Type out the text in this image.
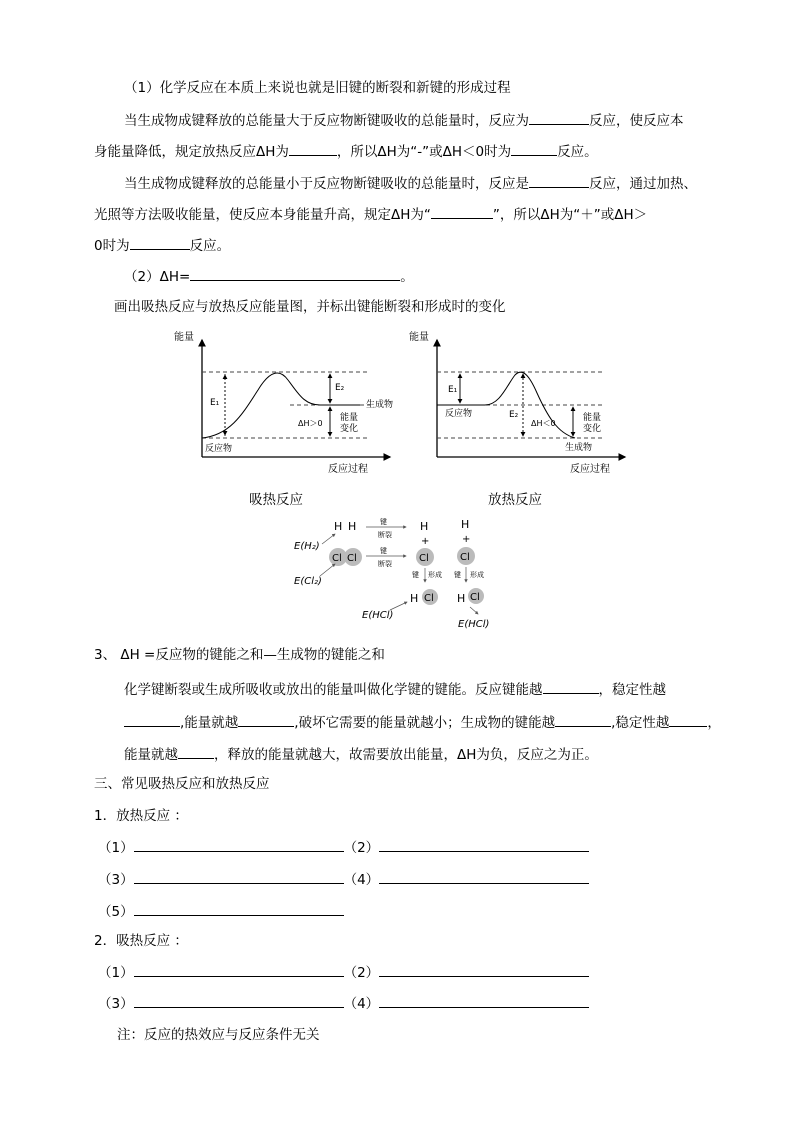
（1）化学反应在本质上来说也就是旧键的断裂和新键的形成过程
当生成物成键释放的总能量大于反应物断键吸收的总能量时，反应为	反应，使反应本
身能量降低，规定放热反应ΔH为	，所以ΔH为“-”或ΔH＜0时为	反应。
当生成物成键释放的总能量小于反应物断键吸收的总能量时，反应是	反应，通过加热、
光照等方法吸收能量，使反应本身能量升高，规定ΔH为“	”，所以ΔH为“＋”或ΔH＞
0时为	反应。
（2）ΔH=	。
画出吸热反应与放热反应能量图，并标出键能断裂和形成时的变化
能量
反应过程
E₁
E₂
生成物
ΔH＞0
能量
变化
反应物
吸热反应
能量
反应过程
E₁
E₂
反应物
ΔH＜0
能量
变化
生成物
放热反应
H H
E(H₂)
Cl Cl
E(Cl₂)
键
断裂
键
断裂
H
+
Cl
键 形成
H Cl
E(HCl)
H
+
Cl
键 形成
H Cl
E(HCl)
3、 ΔH =反应物的键能之和—生成物的键能之和
化学键断裂或生成所吸收或放出的能量叫做化学键的键能。反应键能越	，稳定性越
,能量就越	,破坏它需要的能量就越小；生成物的键能越	,稳定性越	，
能量就越	，释放的能量就越大，故需要放出能量，ΔH为负，反应之为正。
三、常见吸热反应和放热反应
1．放热反应 ：
（1）	（2）
（3）	（4）
（5）
2．吸热反应 ：
（1）	（2）
（3）	（4）
注：反应的热效应与反应条件无关
